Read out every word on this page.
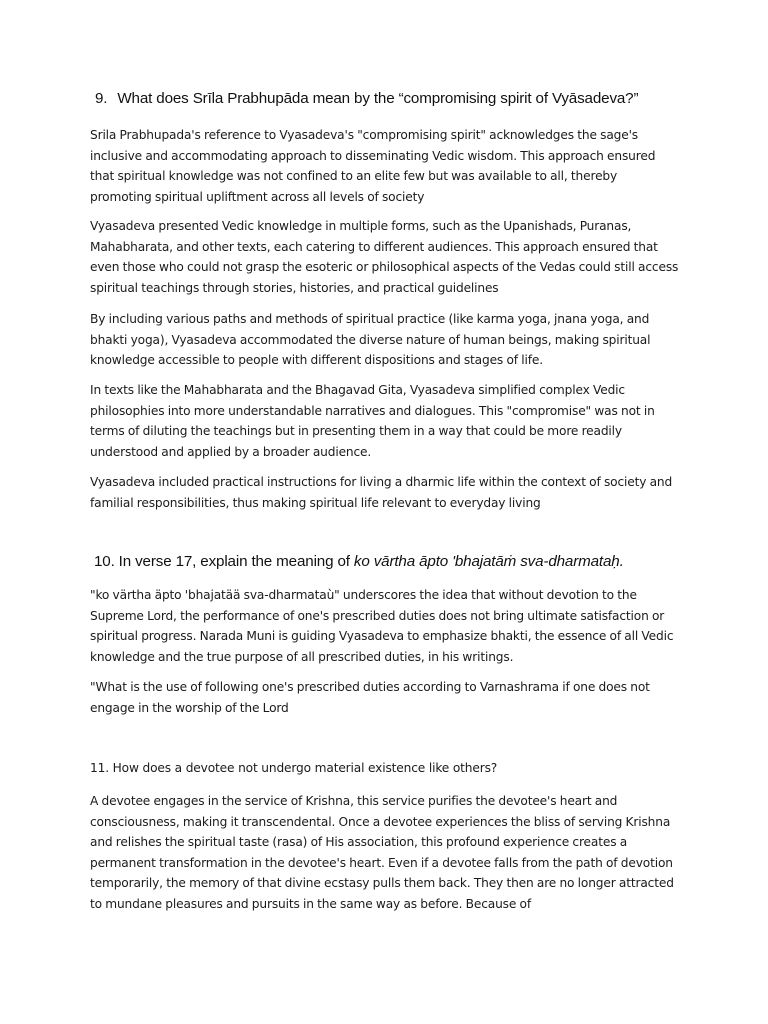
9. What does Srīla Prabhupāda mean by the “compromising spirit of Vyāsadeva?”

Srila Prabhupada's reference to Vyasadeva's "compromising spirit" acknowledges the sage's inclusive and accommodating approach to disseminating Vedic wisdom. This approach ensured that spiritual knowledge was not confined to an elite few but was available to all, thereby promoting spiritual upliftment across all levels of society

Vyasadeva presented Vedic knowledge in multiple forms, such as the Upanishads, Puranas, Mahabharata, and other texts, each catering to different audiences. This approach ensured that even those who could not grasp the esoteric or philosophical aspects of the Vedas could still access spiritual teachings through stories, histories, and practical guidelines

By including various paths and methods of spiritual practice (like karma yoga, jnana yoga, and bhakti yoga), Vyasadeva accommodated the diverse nature of human beings, making spiritual knowledge accessible to people with different dispositions and stages of life.

In texts like the Mahabharata and the Bhagavad Gita, Vyasadeva simplified complex Vedic philosophies into more understandable narratives and dialogues. This "compromise" was not in terms of diluting the teachings but in presenting them in a way that could be more readily understood and applied by a broader audience.

Vyasadeva included practical instructions for living a dharmic life within the context of society and familial responsibilities, thus making spiritual life relevant to everyday living

10. In verse 17, explain the meaning of ko vārtha āpto 'bhajatāṁ sva-dharmataḥ.

"ko värtha äpto 'bhajatää sva-dharmataù" underscores the idea that without devotion to the Supreme Lord, the performance of one's prescribed duties does not bring ultimate satisfaction or spiritual progress. Narada Muni is guiding Vyasadeva to emphasize bhakti, the essence of all Vedic knowledge and the true purpose of all prescribed duties, in his writings.

"What is the use of following one's prescribed duties according to Varnashrama if one does not engage in the worship of the Lord

11. How does a devotee not undergo material existence like others?

A devotee engages in the service of Krishna, this service purifies the devotee's heart and consciousness, making it transcendental. Once a devotee experiences the bliss of serving Krishna and relishes the spiritual taste (rasa) of His association, this profound experience creates a permanent transformation in the devotee's heart. Even if a devotee falls from the path of devotion temporarily, the memory of that divine ecstasy pulls them back. They then are no longer attracted to mundane pleasures and pursuits in the same way as before. Because of
